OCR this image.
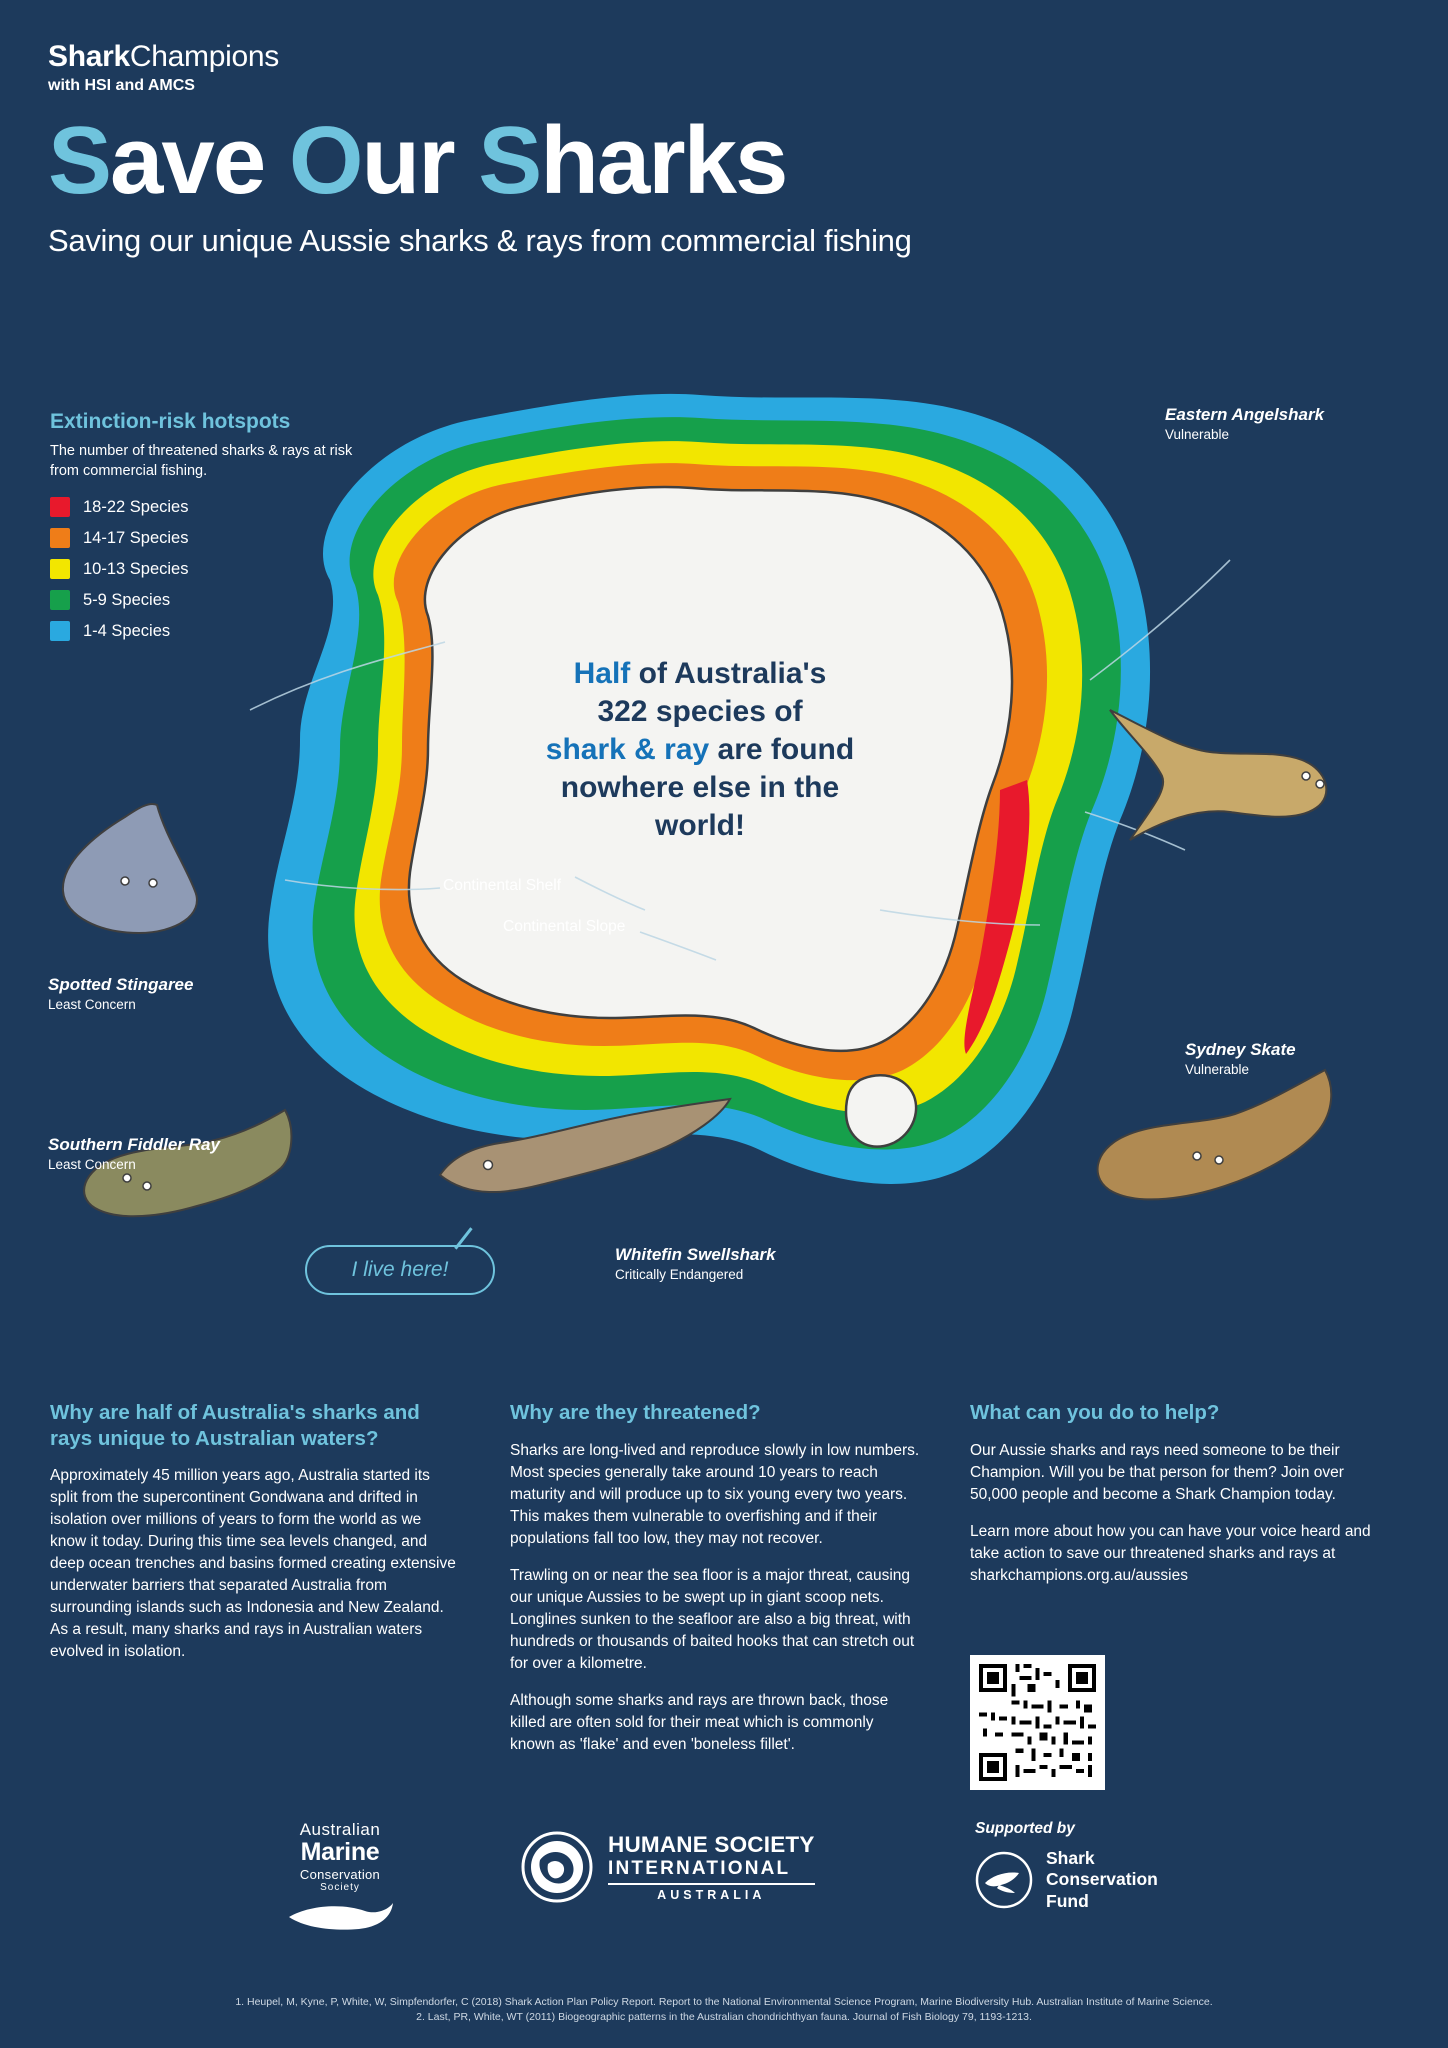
SharkChampions
with HSI and AMCS
Save Our Sharks
Saving our unique Aussie sharks & rays from commercial fishing
Extinction-risk hotspots
The number of threatened sharks & rays at risk from commercial fishing.
18-22 Species
14-17 Species
10-13 Species
5-9 Species
1-4 Species
Half of Australia's
322 species of
shark & ray are found
nowhere else in the
world!
Continental Shelf
Continental Slope
Eastern Angelshark
Vulnerable
Spotted Stingaree
Least Concern
Southern Fiddler Ray
Least Concern
Whitefin Swellshark
Critically Endangered
Sydney Skate
Vulnerable
I live here!
Why are half of Australia's sharks and rays unique to Australian waters?

Approximately 45 million years ago, Australia started its split from the supercontinent Gondwana and drifted in isolation over millions of years to form the world as we know it today. During this time sea levels changed, and deep ocean trenches and basins formed creating extensive underwater barriers that separated Australia from surrounding islands such as Indonesia and New Zealand. As a result, many sharks and rays in Australian waters evolved in isolation.

Why are they threatened?

Sharks are long-lived and reproduce slowly in low numbers. Most species generally take around 10 years to reach maturity and will produce up to six young every two years. This makes them vulnerable to overfishing and if their populations fall too low, they may not recover.

Trawling on or near the sea floor is a major threat, causing our unique Aussies to be swept up in giant scoop nets. Longlines sunken to the seafloor are also a big threat, with hundreds or thousands of baited hooks that can stretch out for over a kilometre.

Although some sharks and rays are thrown back, those killed are often sold for their meat which is commonly known as 'flake' and even 'boneless fillet'.

What can you do to help?

Our Aussie sharks and rays need someone to be their Champion. Will you be that person for them? Join over 50,000 people and become a Shark Champion today.

Learn more about how you can have your voice heard and take action to save our threatened sharks and rays at sharkchampions.org.au/aussies

Australian
Marine
Conservation
Society
HUMANE SOCIETY
INTERNATIONAL
AUSTRALIA
Supported by
Shark
Conservation
Fund
1. Heupel, M, Kyne, P, White, W, Simpfendorfer, C (2018) Shark Action Plan Policy Report. Report to the National Environmental Science Program, Marine Biodiversity Hub. Australian Institute of Marine Science.
2. Last, PR, White, WT (2011) Biogeographic patterns in the Australian chondrichthyan fauna. Journal of Fish Biology 79, 1193-1213.
